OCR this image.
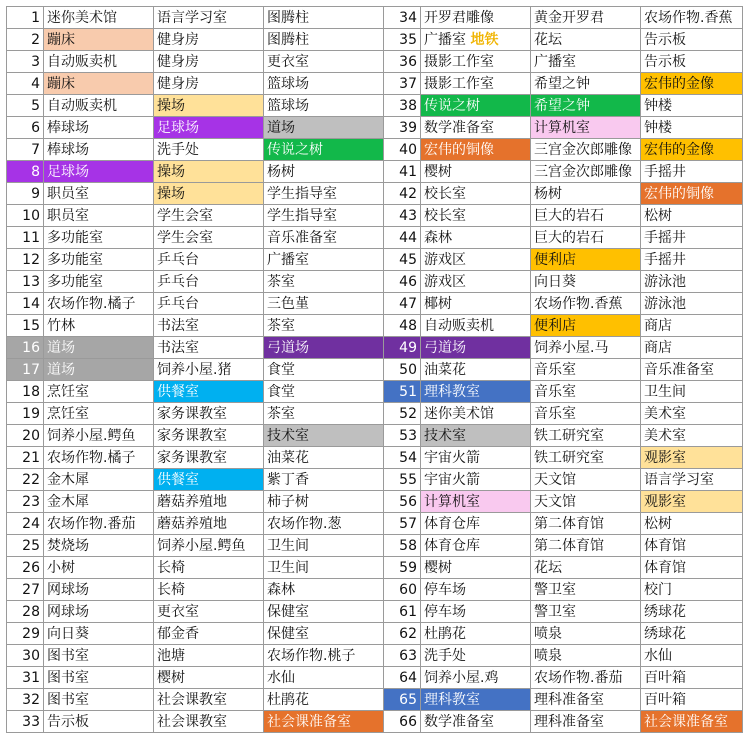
1	迷你美术馆	语言学习室	图腾柱	34	开罗君雕像	黄金开罗君	农场作物.香蕉
2	蹦床	健身房	图腾柱	35	广播室 地铁	花坛	告示板
3	自动贩卖机	健身房	更衣室	36	摄影工作室	广播室	告示板
4	蹦床	健身房	篮球场	37	摄影工作室	希望之钟	宏伟的金像
5	自动贩卖机	操场	篮球场	38	传说之树	希望之钟	钟楼
6	棒球场	足球场	道场	39	数学准备室	计算机室	钟楼
7	棒球场	洗手处	传说之树	40	宏伟的铜像	三宫金次郎雕像	宏伟的金像
8	足球场	操场	杨树	41	樱树	三宫金次郎雕像	手摇井
9	职员室	操场	学生指导室	42	校长室	杨树	宏伟的铜像
10	职员室	学生会室	学生指导室	43	校长室	巨大的岩石	松树
11	多功能室	学生会室	音乐准备室	44	森林	巨大的岩石	手摇井
12	多功能室	乒乓台	广播室	45	游戏区	便利店	手摇井
13	多功能室	乒乓台	茶室	46	游戏区	向日葵	游泳池
14	农场作物.橘子	乒乓台	三色堇	47	椰树	农场作物.香蕉	游泳池
15	竹林	书法室	茶室	48	自动贩卖机	便利店	商店
16	道场	书法室	弓道场	49	弓道场	饲养小屋.马	商店
17	道场	饲养小屋.猪	食堂	50	油菜花	音乐室	音乐准备室
18	烹饪室	供餐室	食堂	51	理科教室	音乐室	卫生间
19	烹饪室	家务课教室	茶室	52	迷你美术馆	音乐室	美术室
20	饲养小屋.鳄鱼	家务课教室	技术室	53	技术室	铁工研究室	美术室
21	农场作物.橘子	家务课教室	油菜花	54	宇宙火箭	铁工研究室	观影室
22	金木犀	供餐室	紫丁香	55	宇宙火箭	天文馆	语言学习室
23	金木犀	蘑菇养殖地	柿子树	56	计算机室	天文馆	观影室
24	农场作物.番茄	蘑菇养殖地	农场作物.葱	57	体育仓库	第二体育馆	松树
25	焚烧场	饲养小屋.鳄鱼	卫生间	58	体育仓库	第二体育馆	体育馆
26	小树	长椅	卫生间	59	樱树	花坛	体育馆
27	网球场	长椅	森林	60	停车场	警卫室	校门
28	网球场	更衣室	保健室	61	停车场	警卫室	绣球花
29	向日葵	郁金香	保健室	62	杜鹃花	喷泉	绣球花
30	图书室	池塘	农场作物.桃子	63	洗手处	喷泉	水仙
31	图书室	樱树	水仙	64	饲养小屋.鸡	农场作物.番茄	百叶箱
32	图书室	社会课教室	杜鹃花	65	理科教室	理科准备室	百叶箱
33	告示板	社会课教室	社会课准备室	66	数学准备室	理科准备室	社会课准备室
